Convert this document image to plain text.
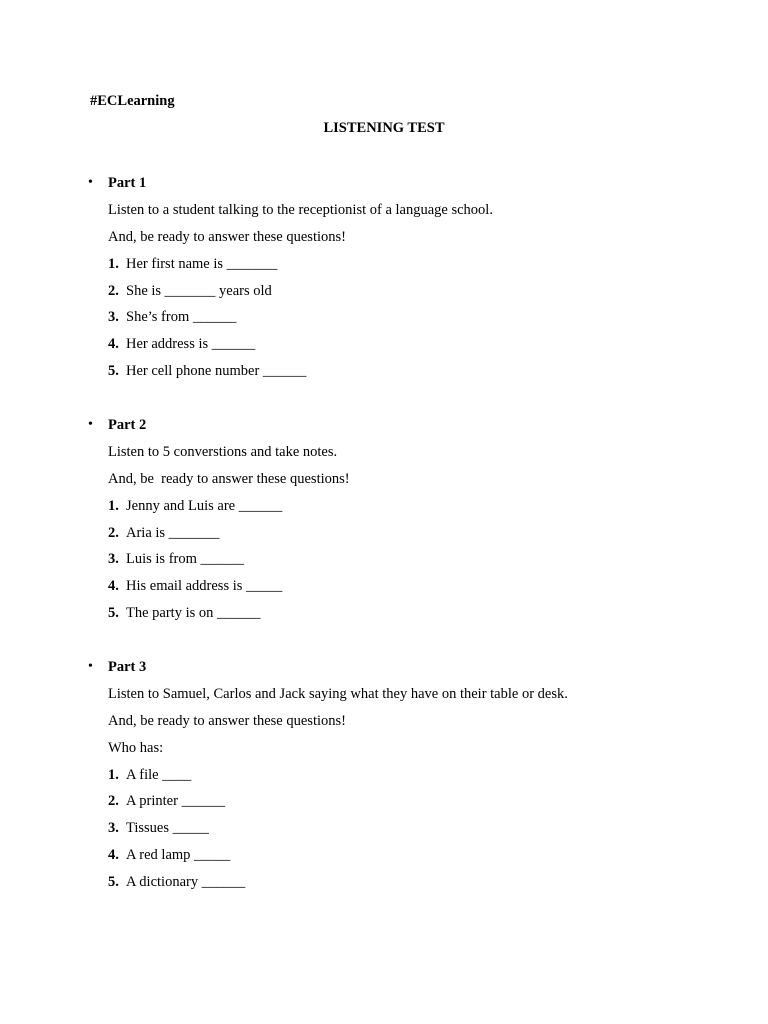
#ECLearning
LISTENING TEST
• Part 1
Listen to a student talking to the receptionist of a language school.
And, be ready to answer these questions!
1. Her first name is _______
2. She is _______ years old
3. She’s from ______
4. Her address is ______
5. Her cell phone number ______
• Part 2
Listen to 5 converstions and take notes.
And, be  ready to answer these questions!
1. Jenny and Luis are ______
2. Aria is _______
3. Luis is from ______
4. His email address is _____
5. The party is on ______
• Part 3
Listen to Samuel, Carlos and Jack saying what they have on their table or desk.
And, be ready to answer these questions!
Who has:
1. A file ____
2. A printer ______
3. Tissues _____
4. A red lamp _____
5. A dictionary ______
